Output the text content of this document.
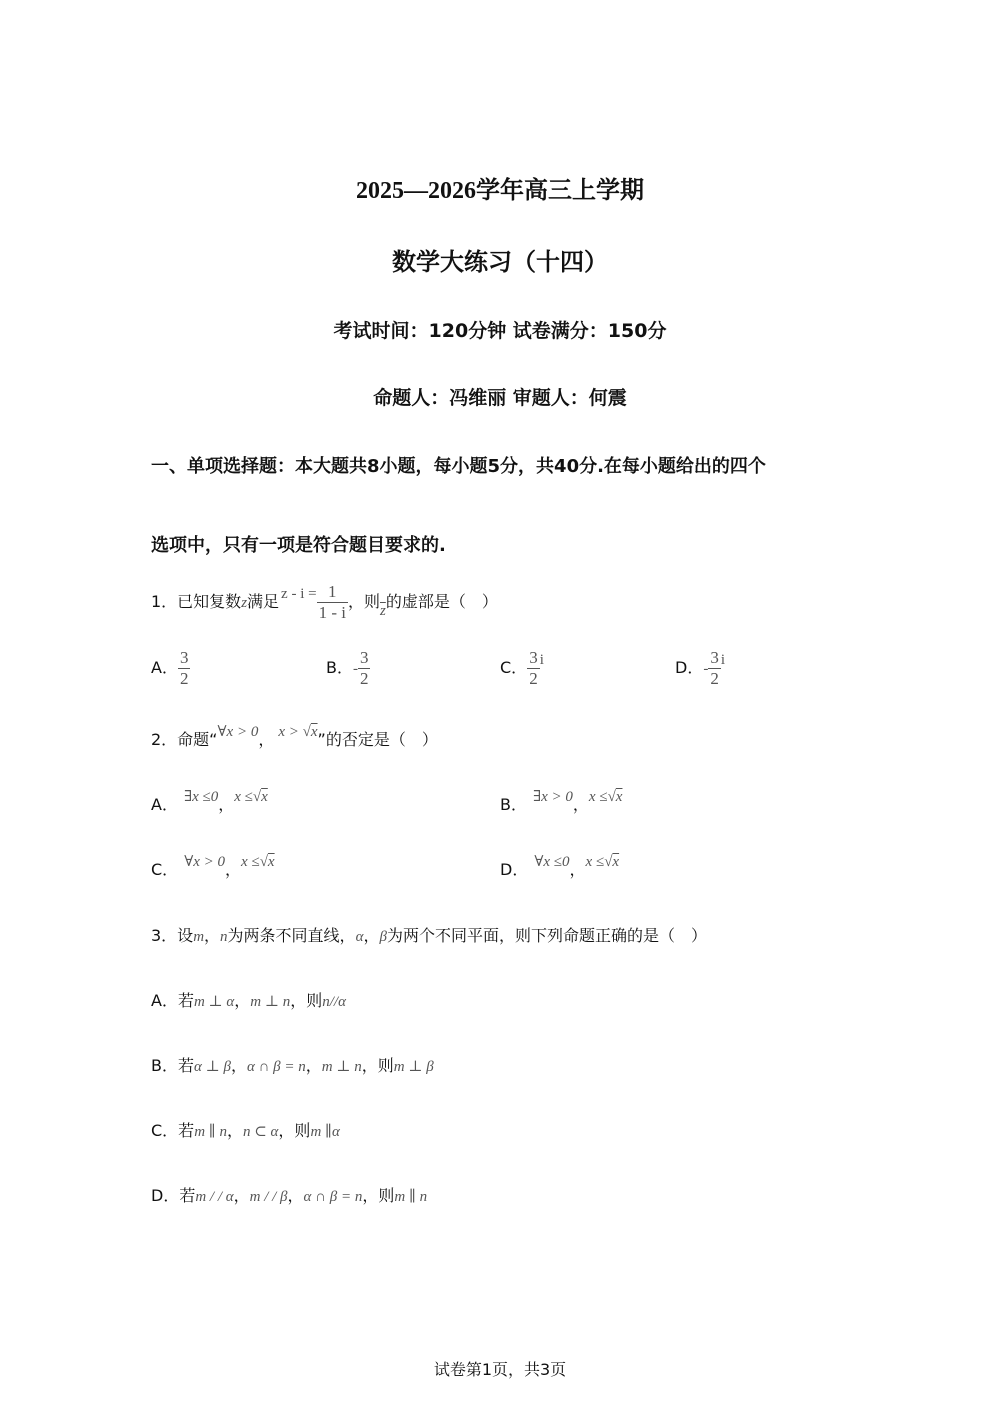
2025—2026学年高三上学期
数学大练习（十四）
考试时间：120分钟 试卷满分：150分
命题人：冯维丽 审题人：何震
一、单项选择题：本大题共8小题，每小题5分，共40分.在每小题给出的四个
选项中，只有一项是符合题目要求的.
1．已知复数z满足 $z - i = \frac{1}{1 - i}$ ，则$\overline{z}$的虚部是（　）
A． $\frac{3}{2}$	B．- $\frac{3}{2}$	C． $\frac{3}{2}$ i	D．- $\frac{3}{2}$ i
2．命题“∀x > 0， x > √x”的否定是（　）
A． ∃x ≤0，x ≤√x	B． ∃x > 0，x ≤√x
C． ∀x > 0，x ≤√x	D． ∀x ≤0，x ≤√x
3．设m，n为两条不同直线，α，β为两个不同平面，则下列命题正确的是（　）
A．若m ⊥ α，m ⊥ n，则n//α
B．若α ⊥ β，α ∩ β = n，m ⊥ n，则m ⊥ β
C．若m ∥ n，n ⊂ α，则m ∥α
D．若m / / α，m / / β，α ∩ β = n，则m ∥ n
试卷第1页，共3页
